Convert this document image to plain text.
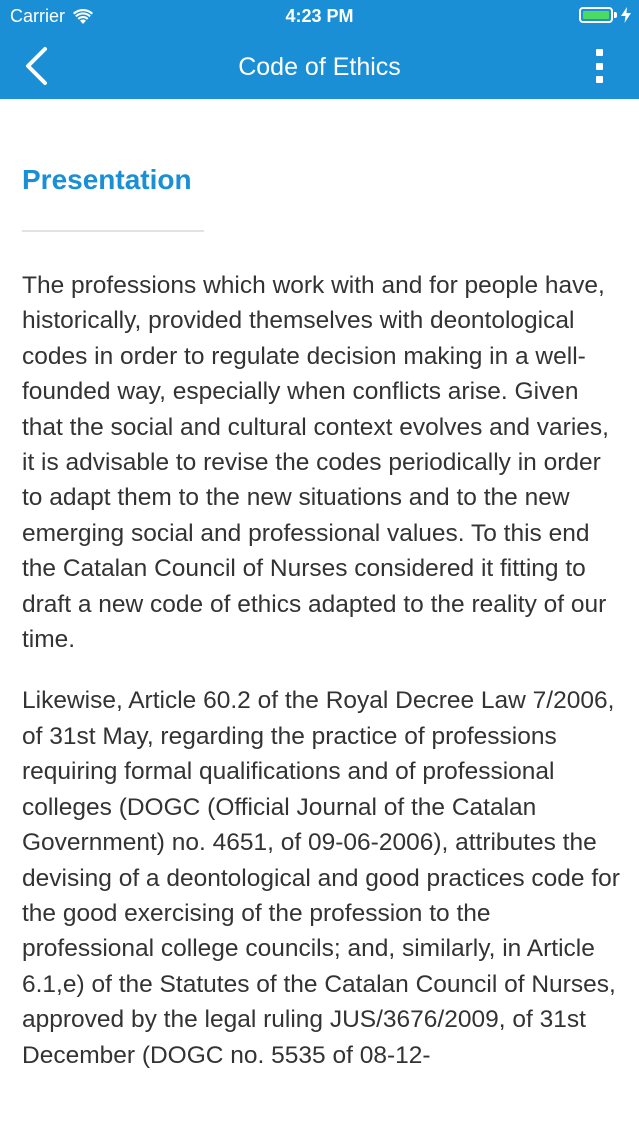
Carrier	4:23 PM
Code of Ethics
Presentation

The professions which work with and for people have, historically, provided themselves with deontological codes in order to regulate decision making in a well-founded way, especially when conflicts arise. Given that the social and cultural context evolves and varies, it is advisable to revise the codes periodically in order to adapt them to the new situations and to the new emerging social and professional values. To this end the Catalan Council of Nurses considered it fitting to draft a new code of ethics adapted to the reality of our time.

Likewise, Article 60.2 of the Royal Decree Law 7/2006, of 31st May, regarding the practice of professions requiring formal qualifications and of professional colleges (DOGC (Official Journal of the Catalan Government) no. 4651, of 09-06-2006), attributes the devising of a deontological and good practices code for the good exercising of the profession to the professional college councils; and, similarly, in Article 6.1,e) of the Statutes of the Catalan Council of Nurses, approved by the legal ruling JUS/3676/2009, of 31st December (DOGC no. 5535 of 08-12-
